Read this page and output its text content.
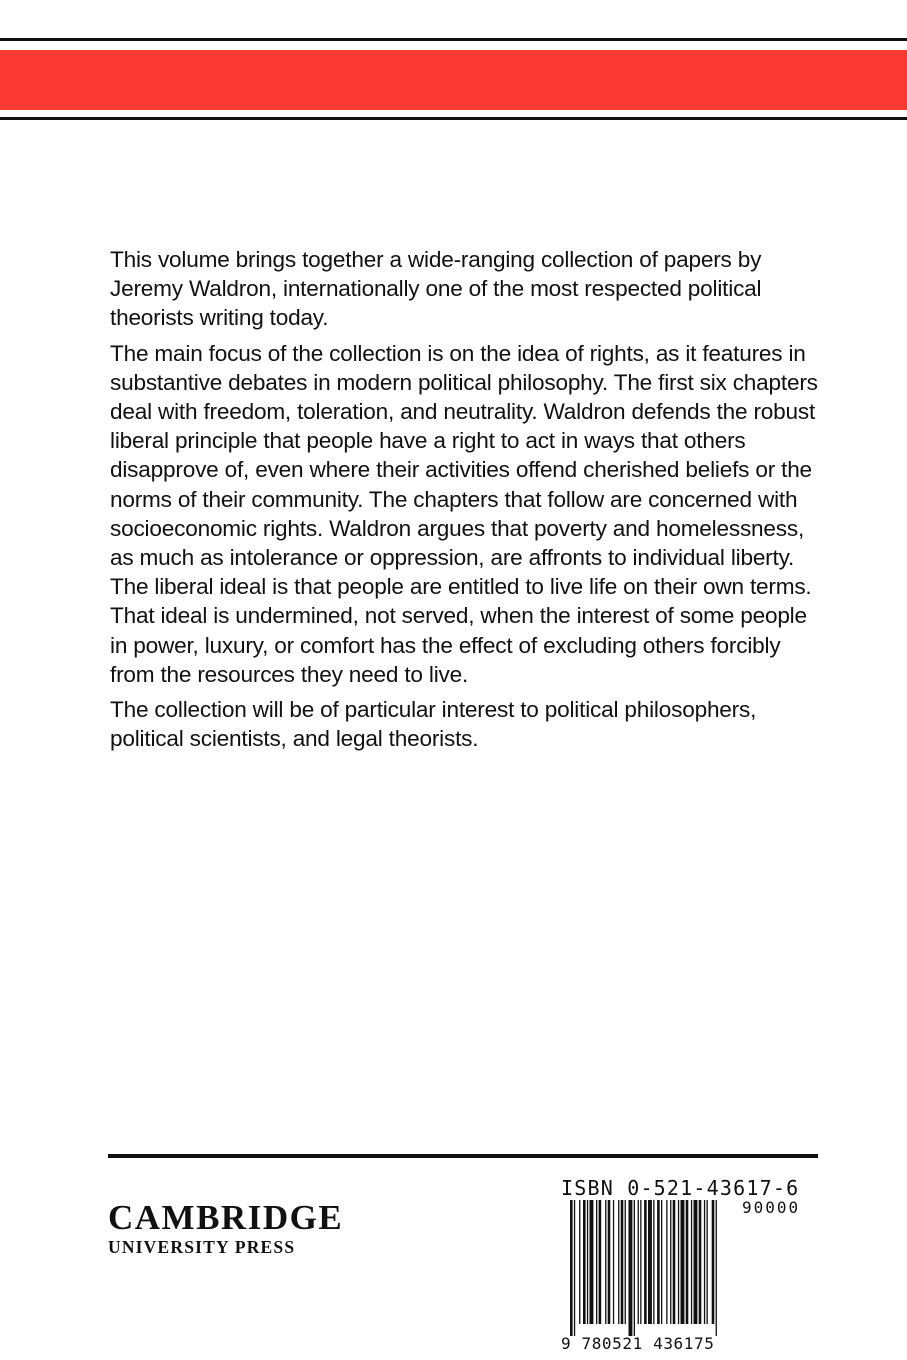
This volume brings together a wide-ranging collection of papers by Jeremy Waldron, internationally one of the most respected political theorists writing today.

The main focus of the collection is on the idea of rights, as it features in substantive debates in modern political philosophy. The first six chapters deal with freedom, toleration, and neutrality. Waldron defends the robust liberal principle that people have a right to act in ways that others disapprove of, even where their activities offend cherished beliefs or the norms of their community. The chapters that follow are concerned with socioeconomic rights. Waldron argues that poverty and homelessness, as much as intolerance or oppression, are affronts to individual liberty. The liberal ideal is that people are entitled to live life on their own terms. That ideal is undermined, not served, when the interest of some people in power, luxury, or comfort has the effect of excluding others forcibly from the resources they need to live.

The collection will be of particular interest to political philosophers, political scientists, and legal theorists.

CAMBRIDGE
UNIVERSITY PRESS
ISBN 0-521-43617-6
90000
9 780521 436175
